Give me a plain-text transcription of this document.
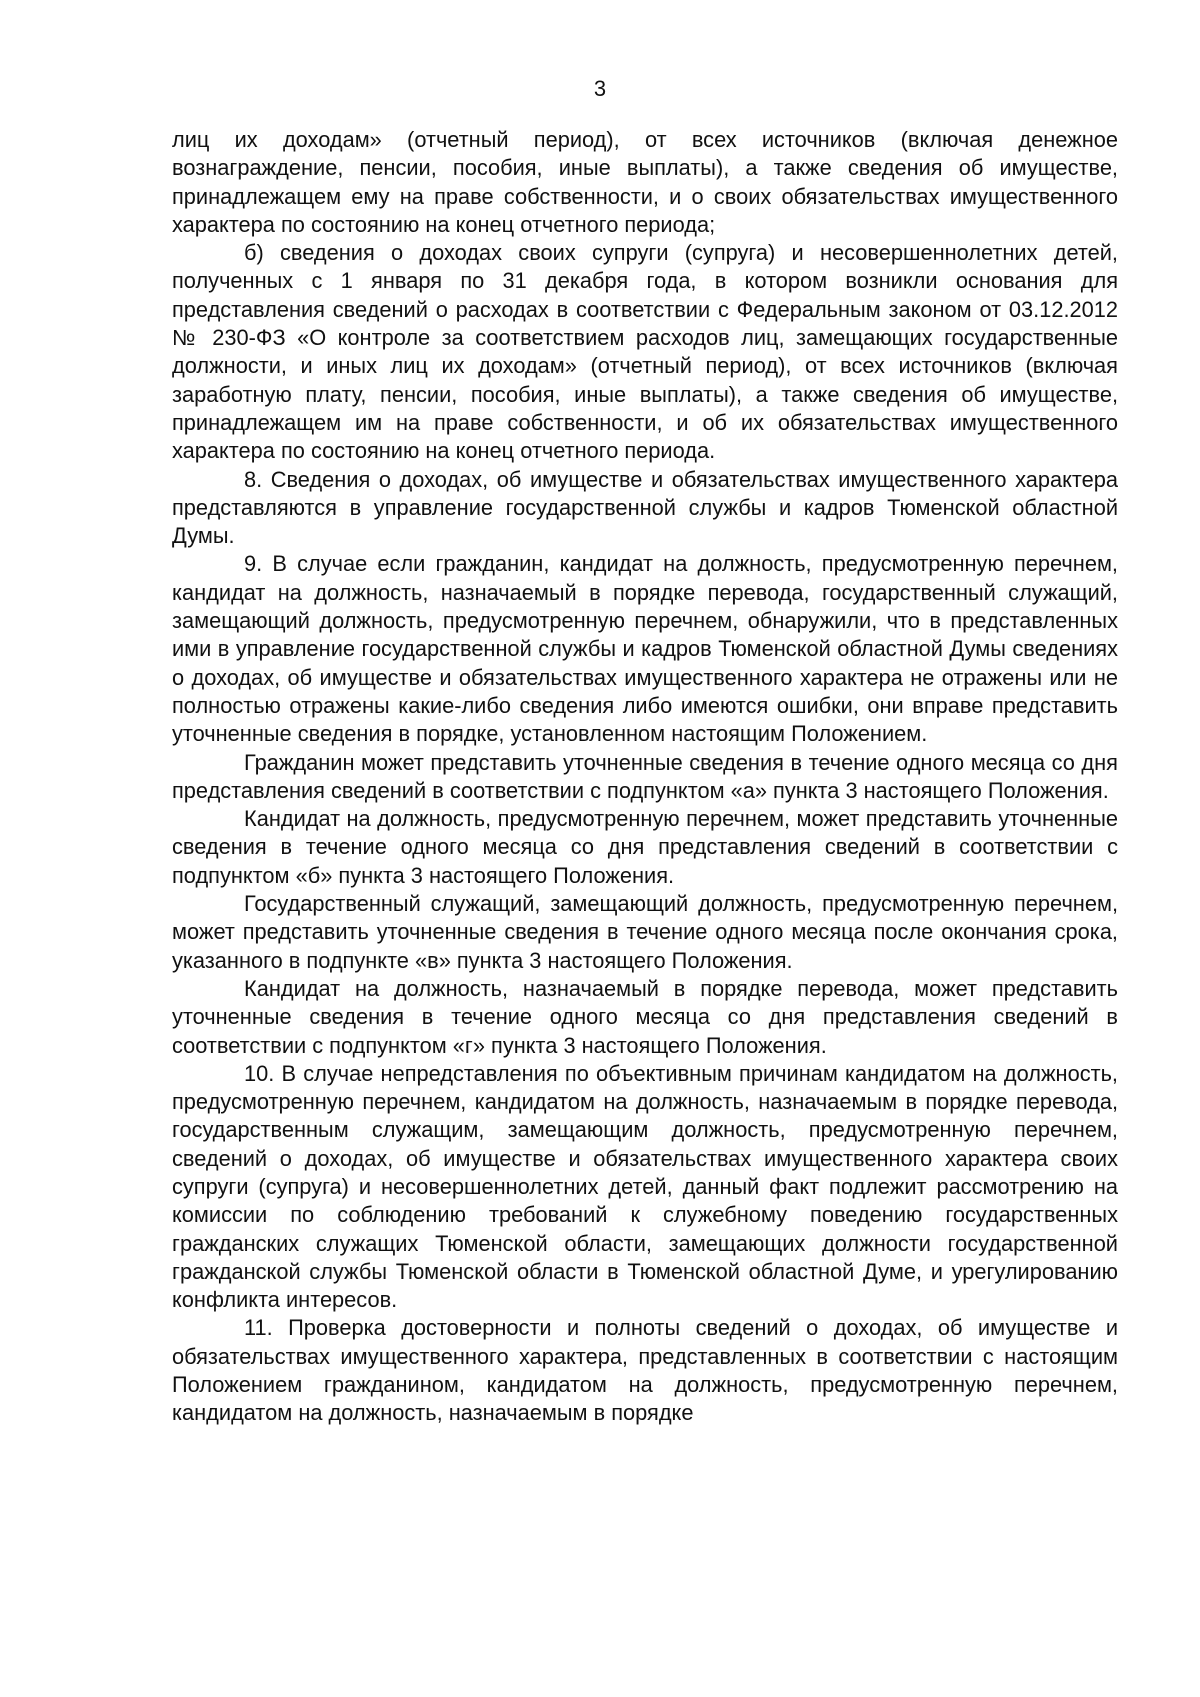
3

лиц их доходам» (отчетный период), от всех источников (включая денежное вознаграждение, пенсии, пособия, иные выплаты), а также сведения об имуществе, принадлежащем ему на праве собственности, и о своих обязательствах имущественного характера по состоянию на конец отчетного периода;

б) сведения о доходах своих супруги (супруга) и несовершеннолетних детей, полученных с 1 января по 31 декабря года, в котором возникли основания для представления сведений о расходах в соответствии с Федеральным законом от 03.12.2012 № 230-ФЗ «О контроле за соответствием расходов лиц, замещающих государственные должности, и иных лиц их доходам» (отчетный период), от всех источников (включая заработную плату, пенсии, пособия, иные выплаты), а также сведения об имуществе, принадлежащем им на праве собственности, и об их обязательствах имущественного характера по состоянию на конец отчетного периода.

8. Сведения о доходах, об имуществе и обязательствах имущественного характера представляются в управление государственной службы и кадров Тюменской областной Думы.

9. В случае если гражданин, кандидат на должность, предусмотренную перечнем, кандидат на должность, назначаемый в порядке перевода, государственный служащий, замещающий должность, предусмотренную перечнем, обнаружили, что в представленных ими в управление государственной службы и кадров Тюменской областной Думы сведениях о доходах, об имуществе и обязательствах имущественного характера не отражены или не полностью отражены какие-либо сведения либо имеются ошибки, они вправе представить уточненные сведения в порядке, установленном настоящим Положением.

Гражданин может представить уточненные сведения в течение одного месяца со дня представления сведений в соответствии с подпунктом «а» пункта 3 настоящего Положения.

Кандидат на должность, предусмотренную перечнем, может представить уточненные сведения в течение одного месяца со дня представления сведений в соответствии с подпунктом «б» пункта 3 настоящего Положения.

Государственный служащий, замещающий должность, предусмотренную перечнем, может представить уточненные сведения в течение одного месяца после окончания срока, указанного в подпункте «в» пункта 3 настоящего Положения.

Кандидат на должность, назначаемый в порядке перевода, может представить уточненные сведения в течение одного месяца со дня представления сведений в соответствии с подпунктом «г» пункта 3 настоящего Положения.

10. В случае непредставления по объективным причинам кандидатом на должность, предусмотренную перечнем, кандидатом на должность, назначаемым в порядке перевода, государственным служащим, замещающим должность, предусмотренную перечнем, сведений о доходах, об имуществе и обязательствах имущественного характера своих супруги (супруга) и несовершеннолетних детей, данный факт подлежит рассмотрению на комиссии по соблюдению требований к служебному поведению государственных гражданских служащих Тюменской области, замещающих должности государственной гражданской службы Тюменской области в Тюменской областной Думе, и урегулированию конфликта интересов.

11. Проверка достоверности и полноты сведений о доходах, об имуществе и обязательствах имущественного характера, представленных в соответствии с настоящим Положением гражданином, кандидатом на должность, предусмотренную перечнем, кандидатом на должность, назначаемым в порядке
